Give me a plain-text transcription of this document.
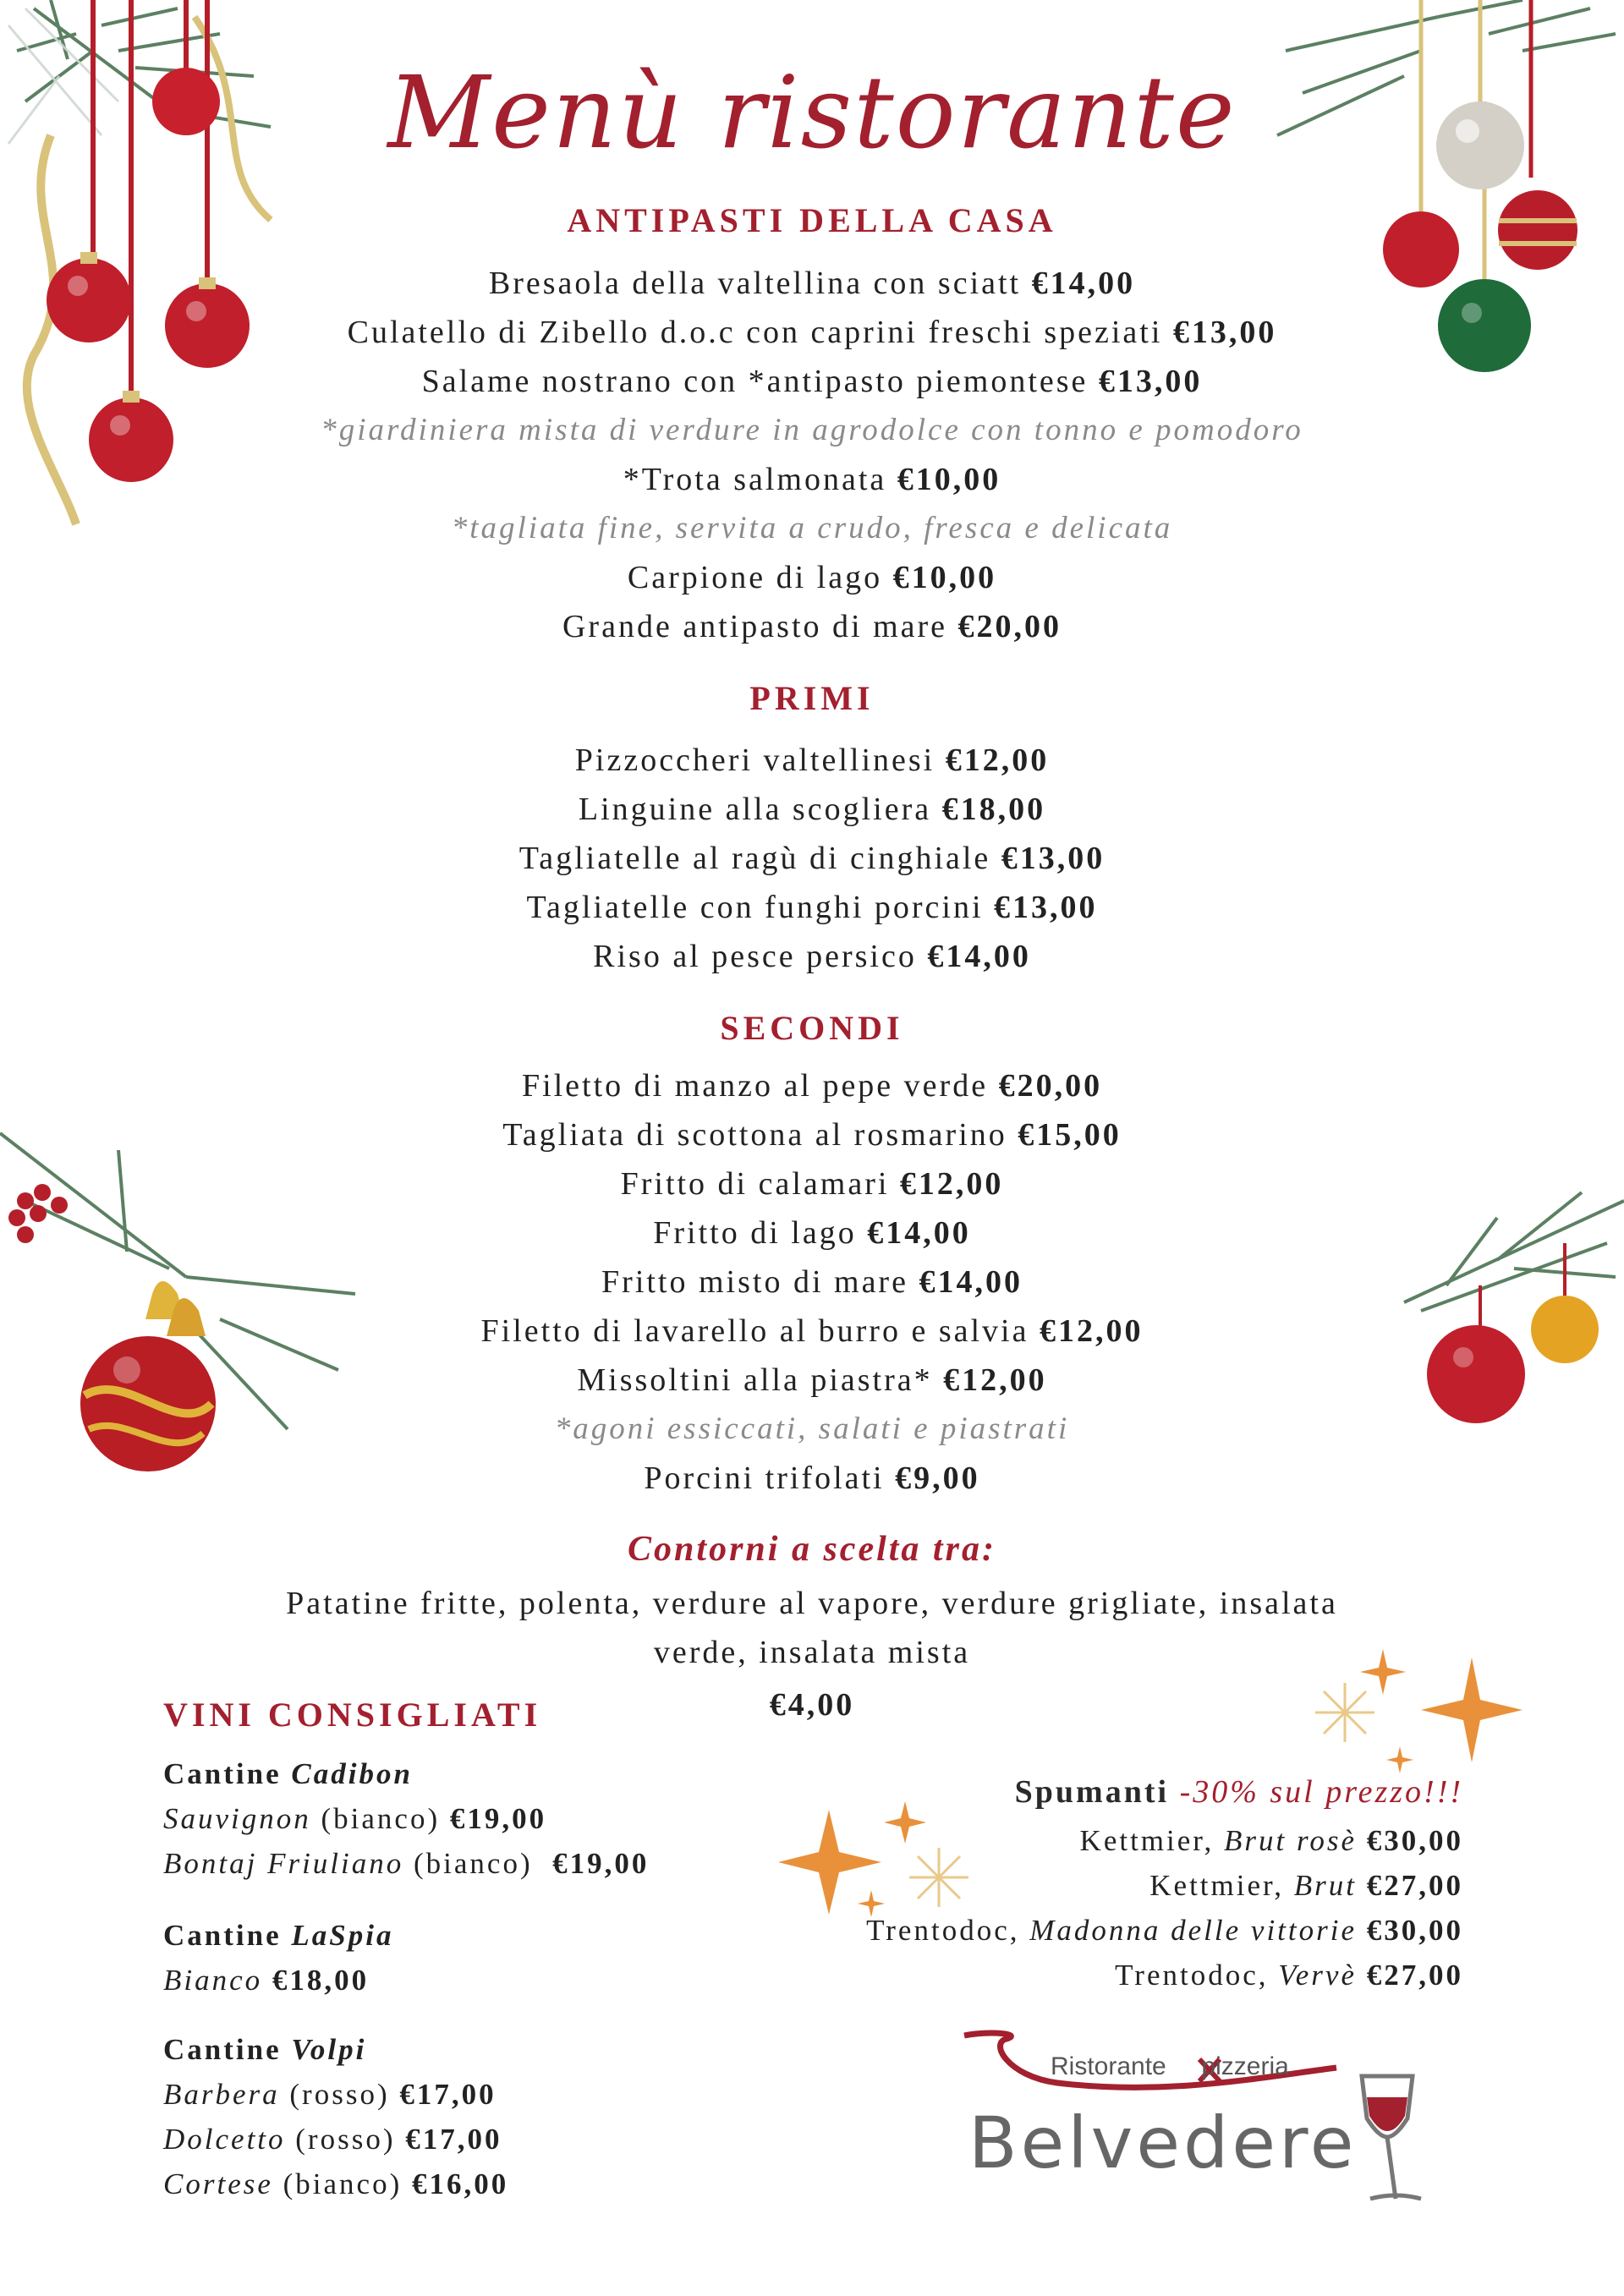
Menù ristorante
ANTIPASTI DELLA CASA
Bresaola della valtellina con sciatt €14,00
Culatello di Zibello d.o.c con caprini freschi speziati €13,00
Salame nostrano con *antipasto piemontese €13,00
*giardiniera mista di verdure in agrodolce con tonno e pomodoro
*Trota salmonata €10,00
*tagliata fine, servita a crudo, fresca e delicata
Carpione di lago €10,00
Grande antipasto di mare €20,00
PRIMI
Pizzoccheri valtellinesi €12,00
Linguine alla scogliera €18,00
Tagliatelle al ragù di cinghiale €13,00
Tagliatelle con funghi porcini €13,00
Riso al pesce persico €14,00
SECONDI
Filetto di manzo al pepe verde €20,00
Tagliata di scottona al rosmarino €15,00
Fritto di calamari €12,00
Fritto di lago €14,00
Fritto misto di mare €14,00
Filetto di lavarello al burro e salvia €12,00
Missoltini alla piastra* €12,00
*agoni essiccati, salati e piastrati
Porcini trifolati €9,00
Contorni a scelta tra:
Patatine fritte, polenta, verdure al vapore, verdure grigliate, insalata
verde, insalata mista
€4,00
VINI CONSIGLIATI
Cantine Cadibon
Sauvignon (bianco) €19,00
Bontaj Friuliano (bianco) €19,00
Cantine LaSpia
Bianco €18,00
Cantine Volpi
Barbera (rosso) €17,00
Dolcetto (rosso) €17,00
Cortese (bianco) €16,00
Spumanti -30% sul prezzo!!!
Kettmier, Brut rosè €30,00
Kettmier, Brut €27,00
Trentodoc, Madonna delle vittorie €30,00
Trentodoc, Vervè €27,00
Ristorante pizzeria
Belvedere
